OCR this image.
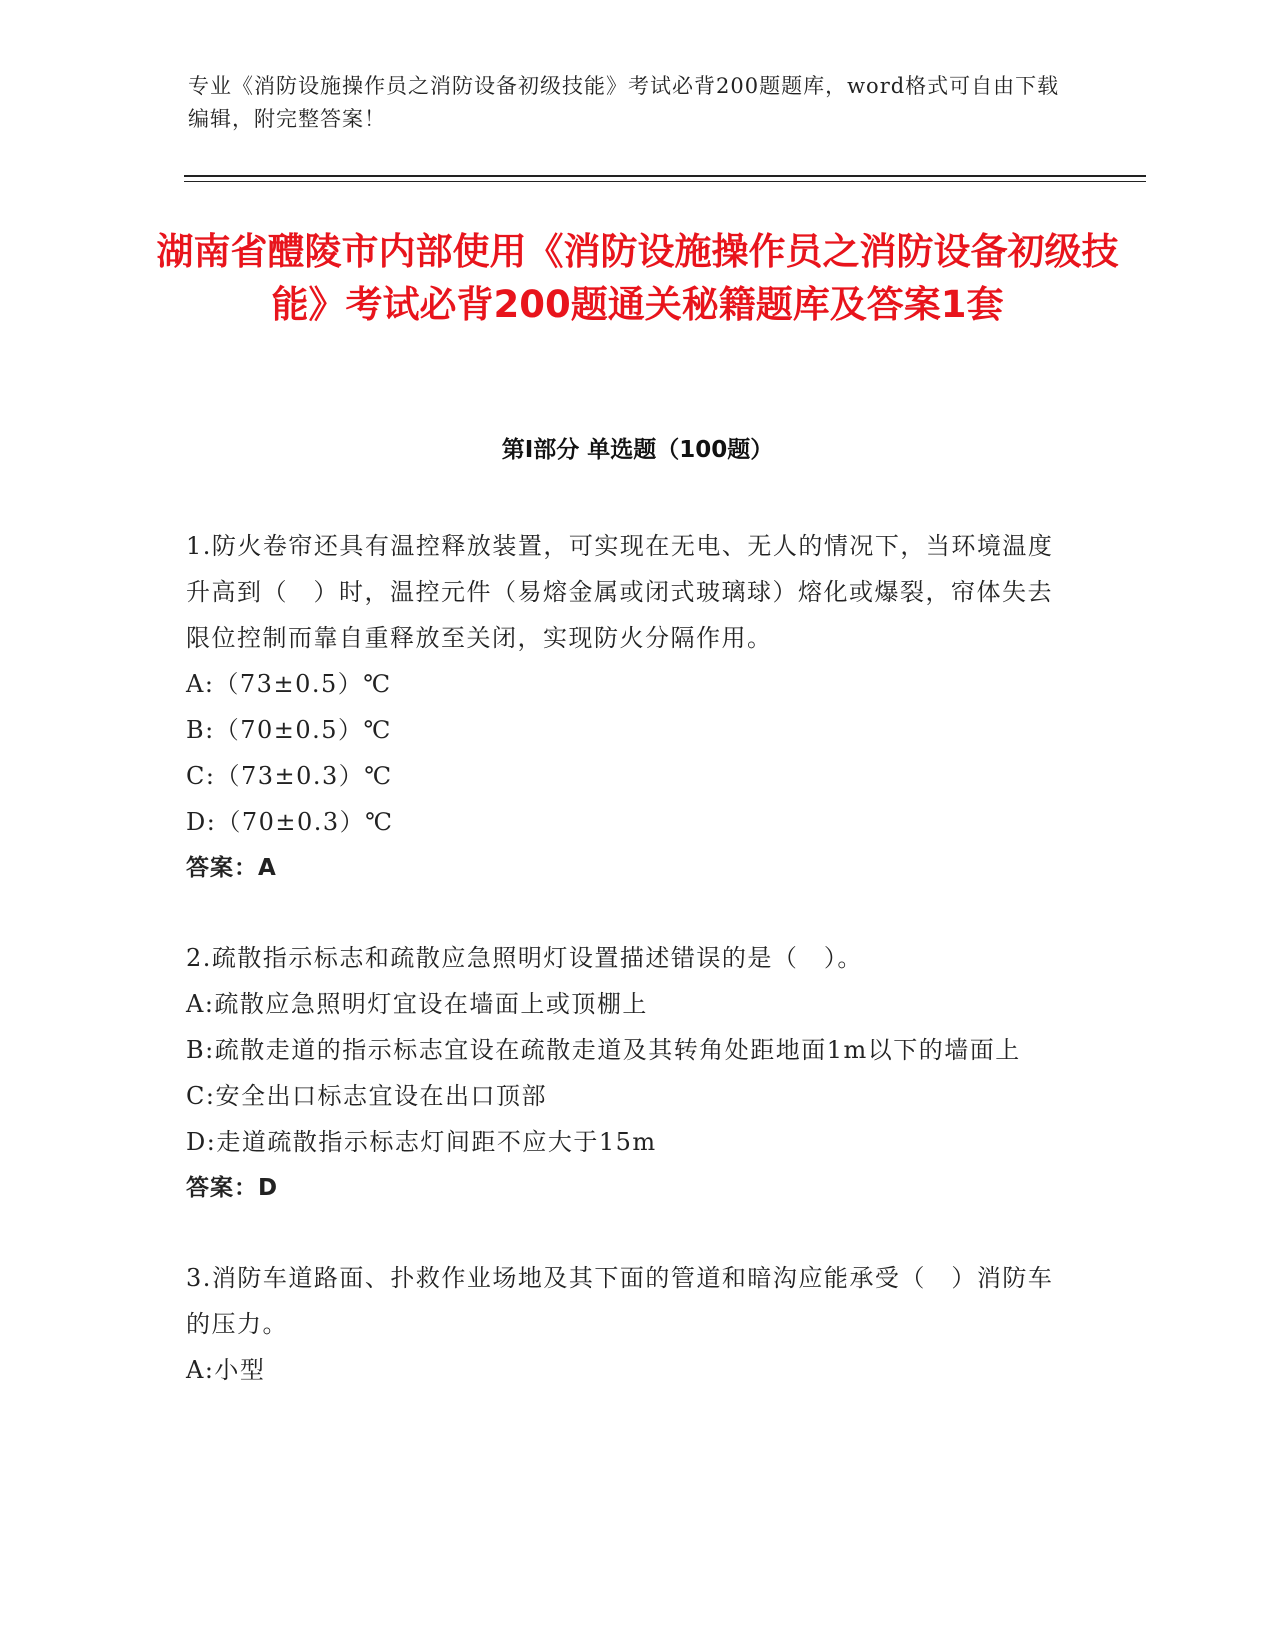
专业《消防设施操作员之消防设备初级技能》考试必背200题题库，word格式可自由下载编辑，附完整答案！
湖南省醴陵市内部使用《消防设施操作员之消防设备初级技能》考试必背200题通关秘籍题库及答案1套
第Ⅰ部分 单选题（100题）

1.防火卷帘还具有温控释放装置，可实现在无电、无人的情况下，当环境温度升高到（　）时，温控元件（易熔金属或闭式玻璃球）熔化或爆裂，帘体失去限位控制而靠自重释放至关闭，实现防火分隔作用。

A:（73±0.5）℃

B:（70±0.5）℃

C:（73±0.3）℃

D:（70±0.3）℃

答案：A

2.疏散指示标志和疏散应急照明灯设置描述错误的是（　）。

A:疏散应急照明灯宜设在墙面上或顶棚上

B:疏散走道的指示标志宜设在疏散走道及其转角处距地面1m以下的墙面上

C:安全出口标志宜设在出口顶部

D:走道疏散指示标志灯间距不应大于15m

答案：D

3.消防车道路面、扑救作业场地及其下面的管道和暗沟应能承受（　）消防车的压力。

A:小型
